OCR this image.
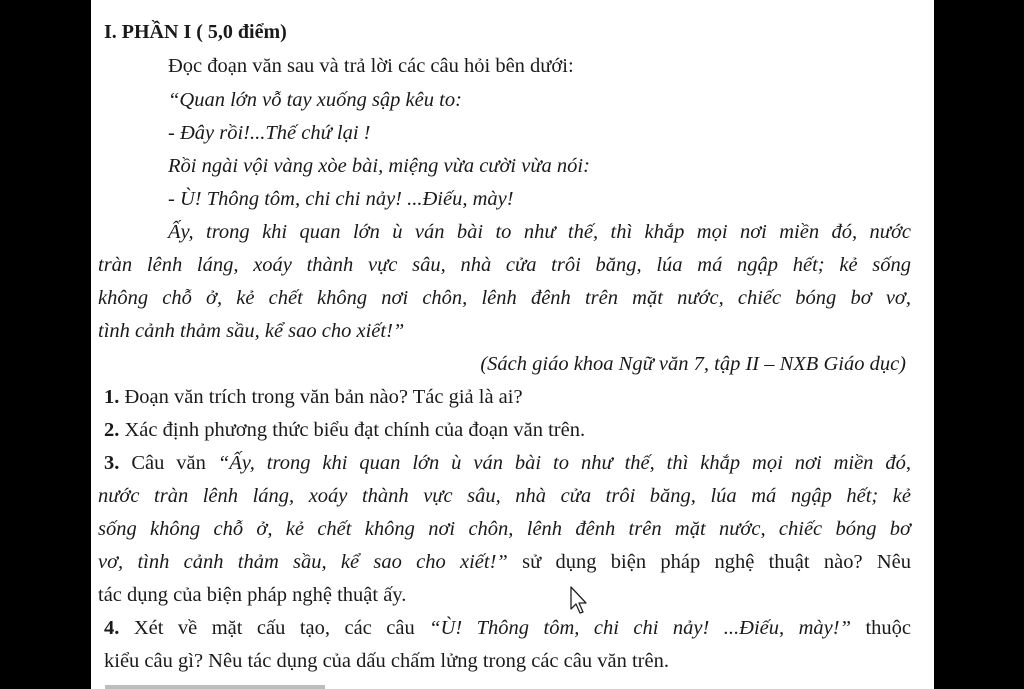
I. PHẦN I ( 5,0 điểm)
Đọc đoạn văn sau và trả lời các câu hỏi bên dưới:
“Quan lớn vỗ tay xuống sập kêu to:
- Đây rồi!...Thế chứ lại !
Rồi ngài vội vàng xòe bài, miệng vừa cười vừa nói:
- Ù! Thông tôm, chi chi nảy! ...Điếu, mày!
Ấy, trong khi quan lớn ù ván bài to như thế, thì khắp mọi nơi miền đó, nước
tràn lênh láng, xoáy thành vực sâu, nhà cửa trôi băng, lúa má ngập hết; kẻ sống
không chỗ ở, kẻ chết không nơi chôn, lênh đênh trên mặt nước, chiếc bóng bơ vơ,
tình cảnh thảm sầu, kể sao cho xiết!”
(Sách giáo khoa Ngữ văn 7, tập II – NXB Giáo dục)
1. Đoạn văn trích trong văn bản nào? Tác giả là ai?
2. Xác định phương thức biểu đạt chính của đoạn văn trên.
3. Câu văn “Ấy, trong khi quan lớn ù ván bài to như thế, thì khắp mọi nơi miền đó,
nước tràn lênh láng, xoáy thành vực sâu, nhà cửa trôi băng, lúa má ngập hết; kẻ
sống không chỗ ở, kẻ chết không nơi chôn, lênh đênh trên mặt nước, chiếc bóng bơ
vơ, tình cảnh thảm sầu, kể sao cho xiết!” sử dụng biện pháp nghệ thuật nào? Nêu
tác dụng của biện pháp nghệ thuật ấy.
4. Xét về mặt cấu tạo, các câu “Ù! Thông tôm, chi chi nảy! ...Điếu, mày!” thuộc
kiểu câu gì? Nêu tác dụng của dấu chấm lửng trong các câu văn trên.
